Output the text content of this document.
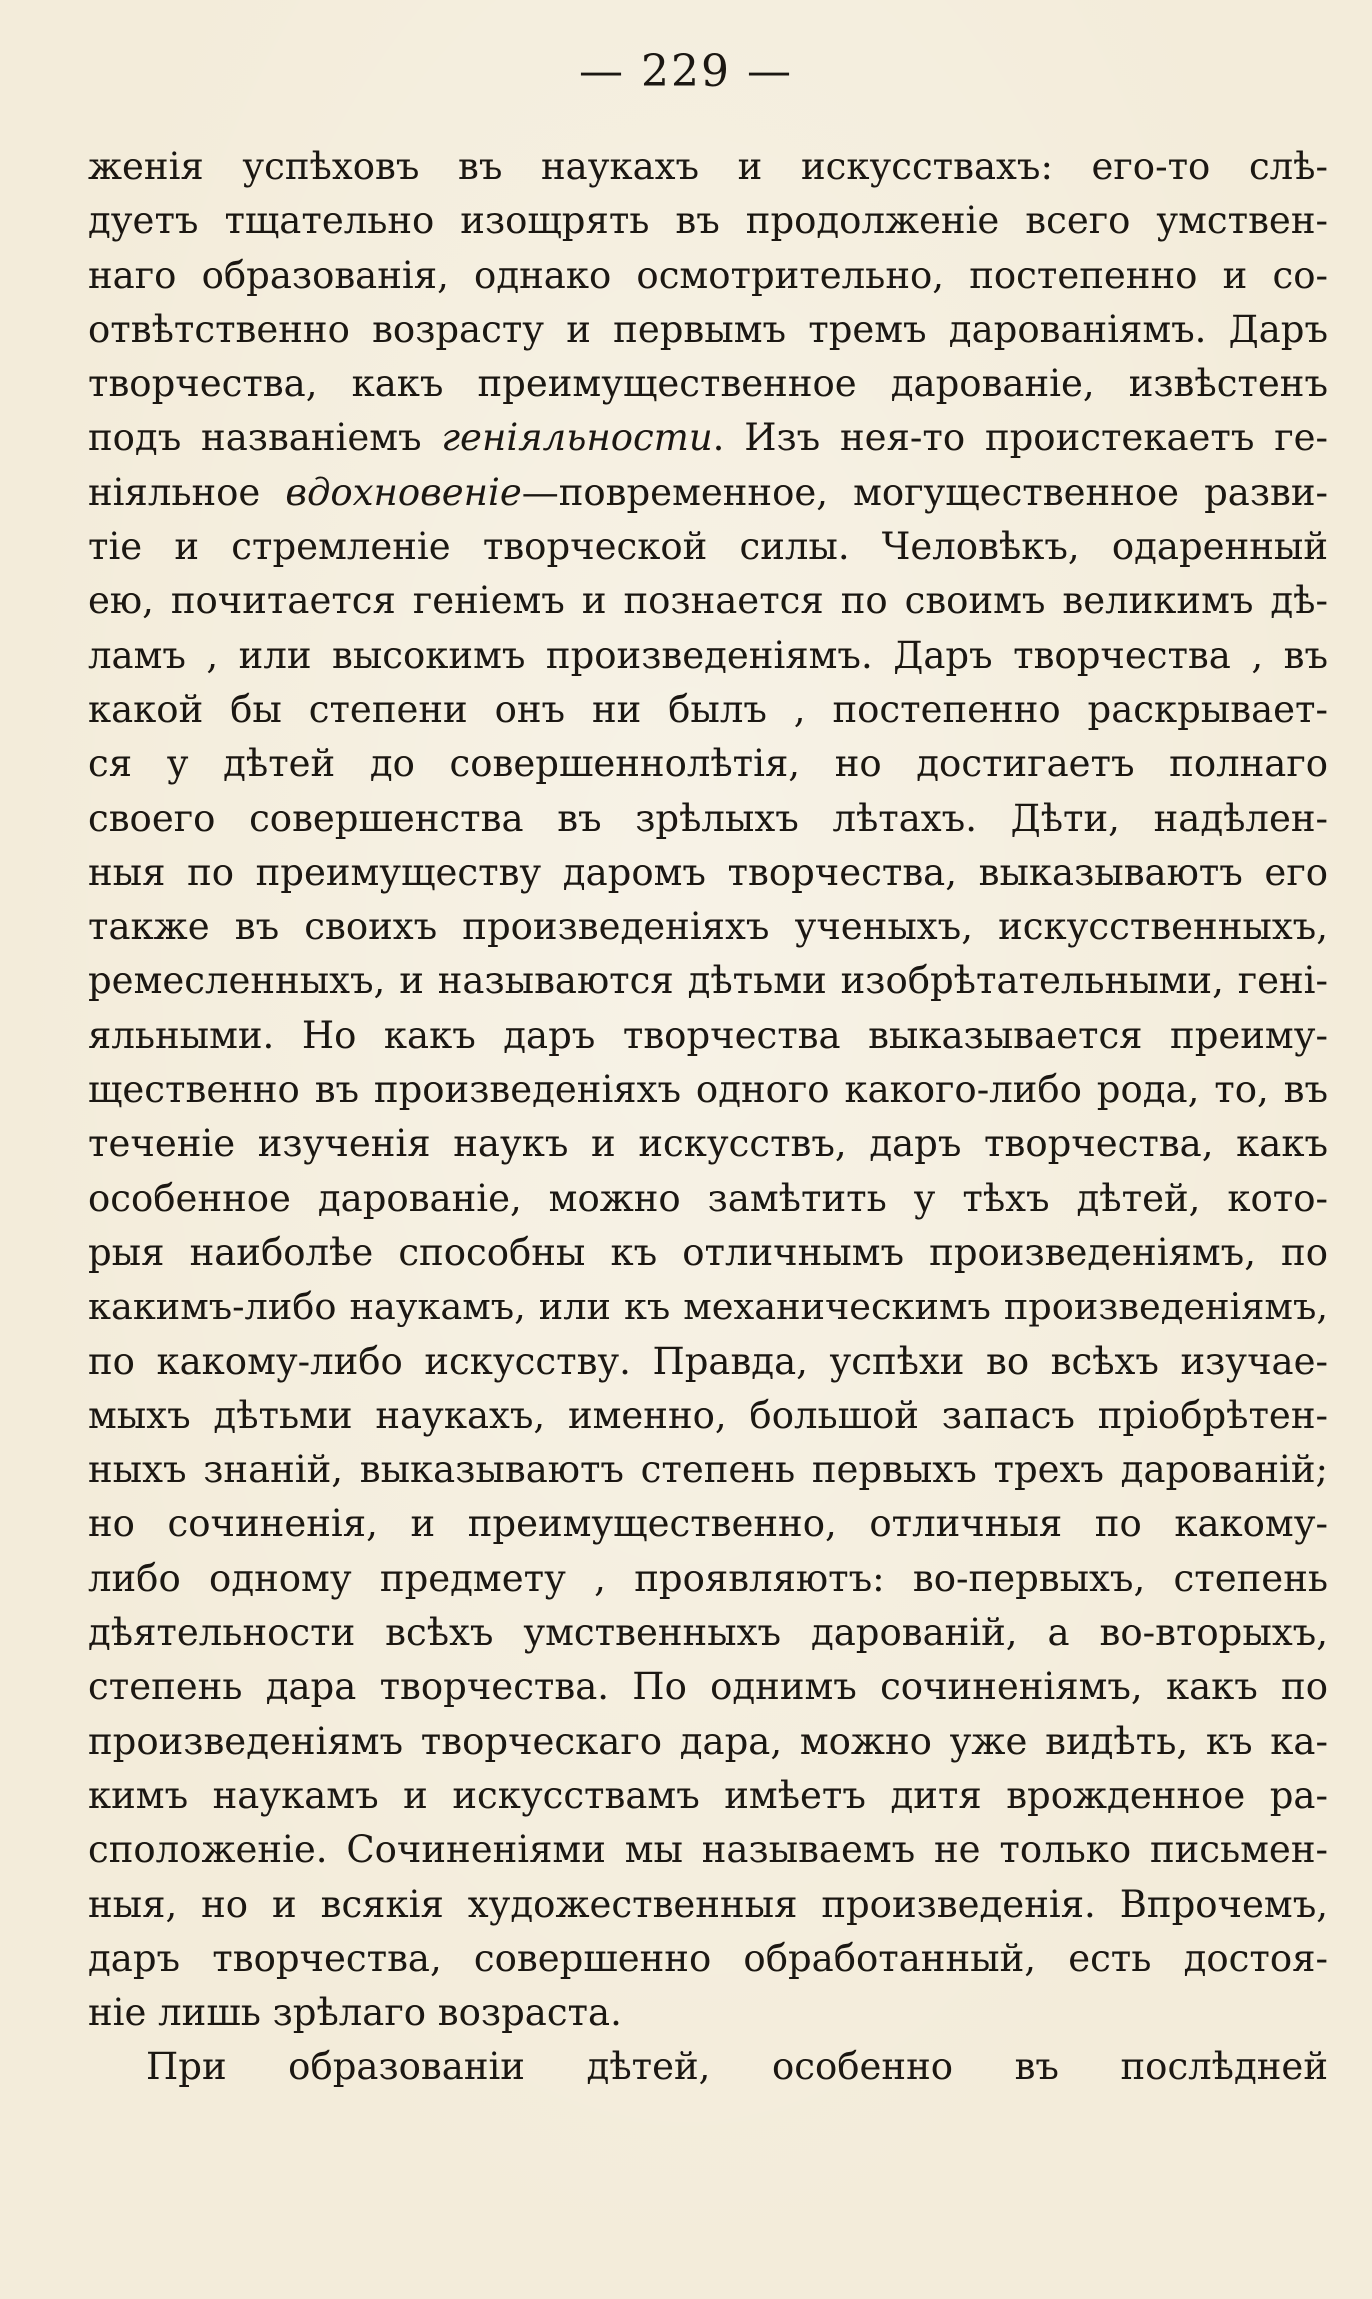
— 229 —
женія успѣховъ въ наукахъ и искусствахъ: его-то слѣ-
дуетъ тщательно изощрять въ продолженіе всего умствен-
наго образованія, однако осмотрительно, постепенно и со-
отвѣтственно возрасту и первымъ тремъ дарованіямъ. Даръ
творчества, какъ преимущественное дарованіе, извѣстенъ
подъ названіемъ геніяльности. Изъ нея-то проистекаетъ ге-
ніяльное вдохновеніе—повременное, могущественное разви-
тіе и стремленіе творческой силы. Человѣкъ, одаренный
ею, почитается геніемъ и познается по своимъ великимъ дѣ-
ламъ , или высокимъ произведеніямъ. Даръ творчества , въ
какой бы степени онъ ни былъ , постепенно раскрывает-
ся у дѣтей до совершеннолѣтія, но достигаетъ полнаго
своего совершенства въ зрѣлыхъ лѣтахъ. Дѣти, надѣлен-
ныя по преимуществу даромъ творчества, выказываютъ его
также въ своихъ произведеніяхъ ученыхъ, искусственныхъ,
ремесленныхъ, и называются дѣтьми изобрѣтательными, гені-
яльными. Но какъ даръ творчества выказывается преиму-
щественно въ произведеніяхъ одного какого-либо рода, то, въ
теченіе изученія наукъ и искусствъ, даръ творчества, какъ
особенное дарованіе, можно замѣтить у тѣхъ дѣтей, кото-
рыя наиболѣе способны къ отличнымъ произведеніямъ, по
какимъ-либо наукамъ, или къ механическимъ произведеніямъ,
по какому-либо искусству. Правда, успѣхи во всѣхъ изучае-
мыхъ дѣтьми наукахъ, именно, большой запасъ пріобрѣтен-
ныхъ знаній, выказываютъ степень первыхъ трехъ дарованій;
но сочиненія, и преимущественно, отличныя по какому-
либо одному предмету , проявляютъ: во-первыхъ, степень
дѣятельности всѣхъ умственныхъ дарованій, а во-вторыхъ,
степень дара творчества. По однимъ сочиненіямъ, какъ по
произведеніямъ творческаго дара, можно уже видѣть, къ ка-
кимъ наукамъ и искусствамъ имѣетъ дитя врожденное ра-
сположеніе. Сочиненіями мы называемъ не только письмен-
ныя, но и всякія художественныя произведенія. Впрочемъ,
даръ творчества, совершенно обработанный, есть достоя-
ніе лишь зрѣлаго возраста.
При образованіи дѣтей, особенно въ послѣдней
